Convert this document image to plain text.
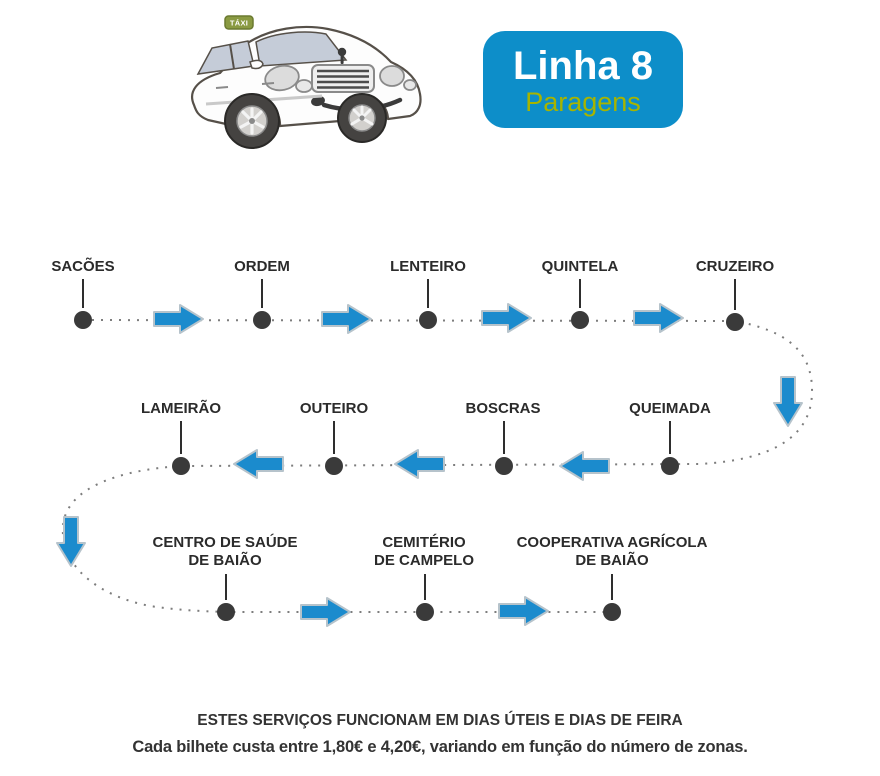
TÁXI
Linha 8
Paragens
SACÕES	ORDEM	LENTEIRO	QUINTELA	CRUZEIRO
QUEIMADA
BOSCRAS
OUTEIRO
LAMEIRÃO
CENTRO DE SAÚDE
DE BAIÃO
CEMITÉRIO
DE CAMPELO
COOPERATIVA AGRÍCOLA
DE BAIÃO
ESTES SERVIÇOS FUNCIONAM EM DIAS ÚTEIS E DIAS DE FEIRA
Cada bilhete custa entre 1,80€ e 4,20€, variando em função do número de zonas.
